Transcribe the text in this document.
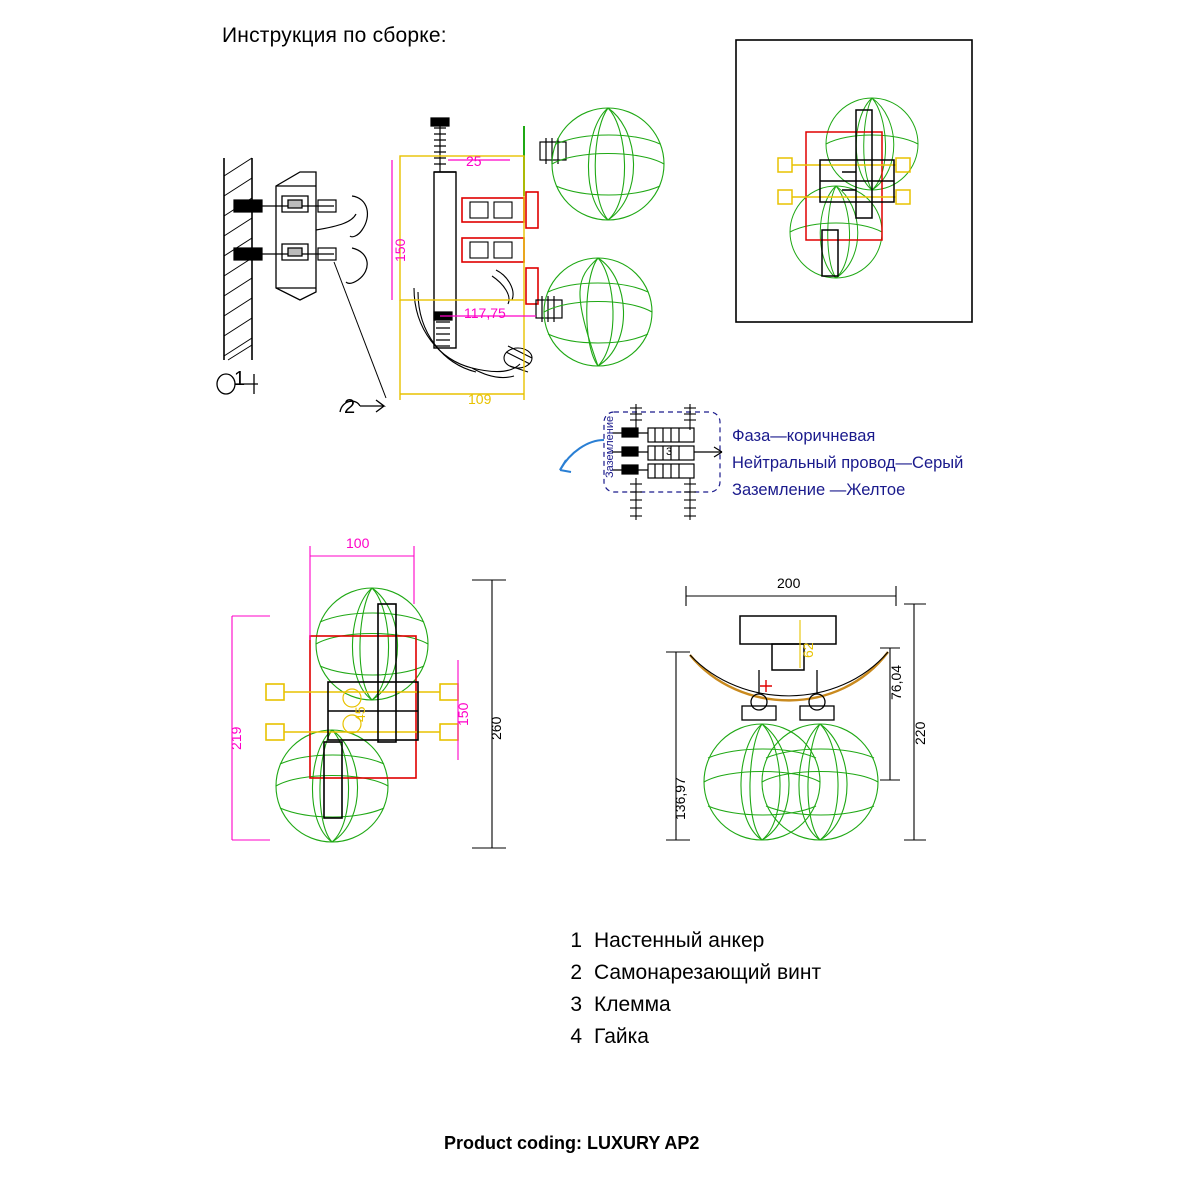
Инструкция по сборке:
3
25
150
117,75
109
100
219	260
150
45
200
62
76,04
220
136,97
1
2
Заземление	Фаза—коричневая
Нейтральный провод—Серый
Заземление —Желтое
1 Настенный анкер
2 Самонарезающий винт
3 Клемма
4 Гайка
Product coding: LUXURY AP2
